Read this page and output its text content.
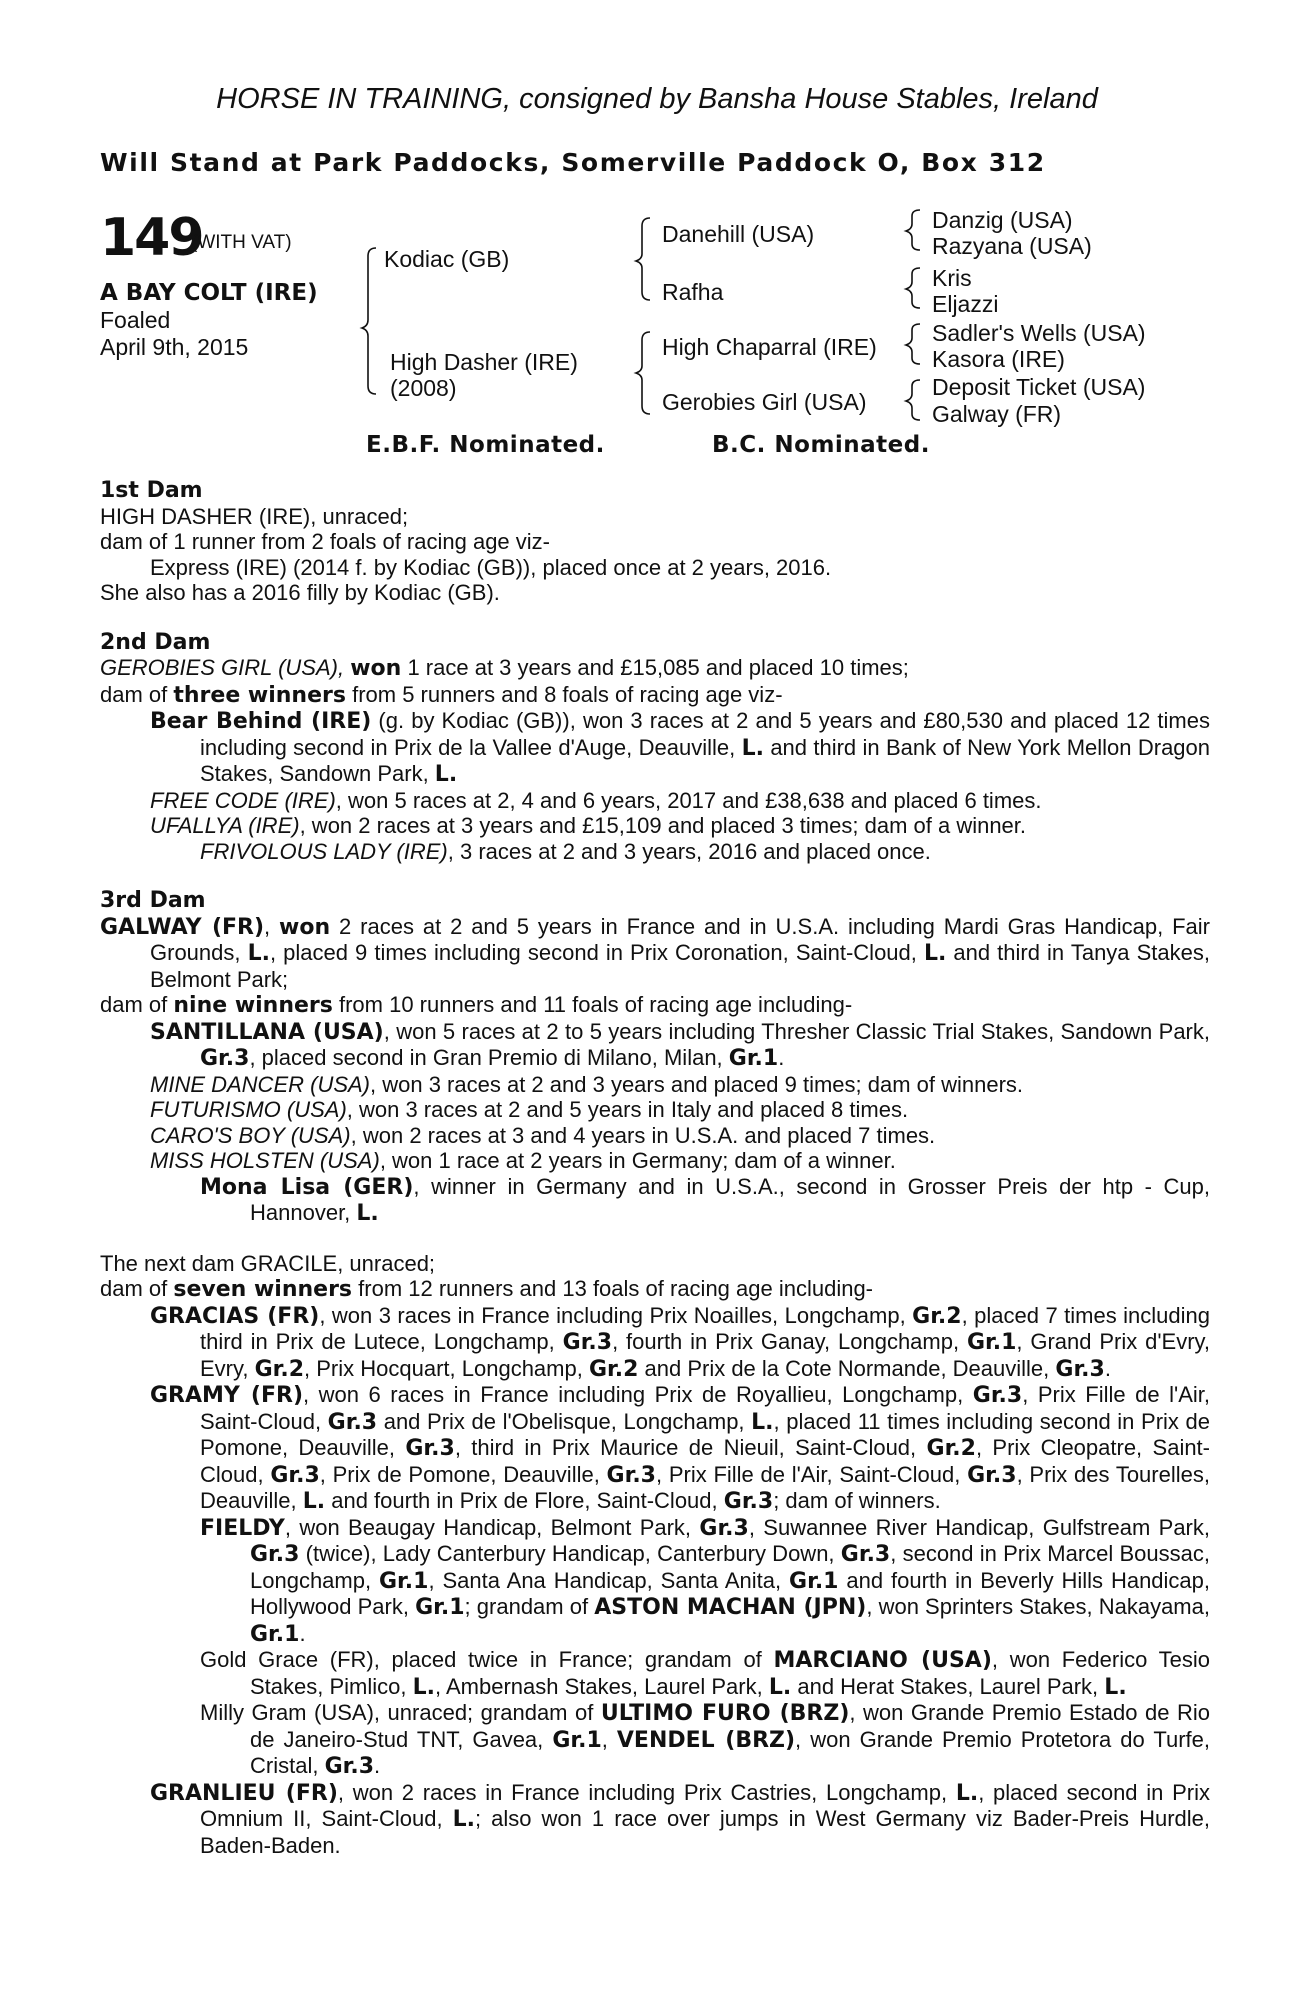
HORSE IN TRAINING, consigned by Bansha House Stables, Ireland
Will Stand at Park Paddocks, Somerville Paddock O, Box 312
149
(WITH VAT)
A BAY COLT (IRE)
Foaled
April 9th, 2015
Kodiac (GB)
High Dasher (IRE)
(2008)
Danehill (USA)
Rafha
High Chaparral (IRE)
Gerobies Girl (USA)
Danzig (USA)
Razyana (USA)
Kris
Eljazzi
Sadler's Wells (USA)
Kasora (IRE)
Deposit Ticket (USA)
Galway (FR)
E.B.F. Nominated.	B.C. Nominated.
1st Dam
HIGH DASHER (IRE), unraced;
dam of 1 runner from 2 foals of racing age viz-
Express (IRE) (2014 f. by Kodiac (GB)), placed once at 2 years, 2016.
She also has a 2016 filly by Kodiac (GB).
2nd Dam
GEROBIES GIRL (USA), won 1 race at 3 years and £15,085 and placed 10 times;
dam of three winners from 5 runners and 8 foals of racing age viz-
Bear Behind (IRE) (g. by Kodiac (GB)), won 3 races at 2 and 5 years and £80,530 and placed 12 times including second in Prix de la Vallee d'Auge, Deauville, L. and third in Bank of New York Mellon Dragon Stakes, Sandown Park, L.
FREE CODE (IRE), won 5 races at 2, 4 and 6 years, 2017 and £38,638 and placed 6 times.
UFALLYA (IRE), won 2 races at 3 years and £15,109 and placed 3 times; dam of a winner.
FRIVOLOUS LADY (IRE), 3 races at 2 and 3 years, 2016 and placed once.
3rd Dam
GALWAY (FR), won 2 races at 2 and 5 years in France and in U.S.A. including Mardi Gras Handicap, Fair Grounds, L., placed 9 times including second in Prix Coronation, Saint-Cloud, L. and third in Tanya Stakes, Belmont Park;
dam of nine winners from 10 runners and 11 foals of racing age including-
SANTILLANA (USA), won 5 races at 2 to 5 years including Thresher Classic Trial Stakes, Sandown Park, Gr.3, placed second in Gran Premio di Milano, Milan, Gr.1.
MINE DANCER (USA), won 3 races at 2 and 3 years and placed 9 times; dam of winners.
FUTURISMO (USA), won 3 races at 2 and 5 years in Italy and placed 8 times.
CARO'S BOY (USA), won 2 races at 3 and 4 years in U.S.A. and placed 7 times.
MISS HOLSTEN (USA), won 1 race at 2 years in Germany; dam of a winner.
Mona Lisa (GER), winner in Germany and in U.S.A., second in Grosser Preis der htp - Cup, Hannover, L.
The next dam GRACILE, unraced;
dam of seven winners from 12 runners and 13 foals of racing age including-
GRACIAS (FR), won 3 races in France including Prix Noailles, Longchamp, Gr.2, placed 7 times including third in Prix de Lutece, Longchamp, Gr.3, fourth in Prix Ganay, Longchamp, Gr.1, Grand Prix d'Evry, Evry, Gr.2, Prix Hocquart, Longchamp, Gr.2 and Prix de la Cote Normande, Deauville, Gr.3.
GRAMY (FR), won 6 races in France including Prix de Royallieu, Longchamp, Gr.3, Prix Fille de l'Air, Saint-Cloud, Gr.3 and Prix de l'Obelisque, Longchamp, L., placed 11 times including second in Prix de Pomone, Deauville, Gr.3, third in Prix Maurice de Nieuil, Saint-Cloud, Gr.2, Prix Cleopatre, Saint-Cloud, Gr.3, Prix de Pomone, Deauville, Gr.3, Prix Fille de l'Air, Saint-Cloud, Gr.3, Prix des Tourelles, Deauville, L. and fourth in Prix de Flore, Saint-Cloud, Gr.3; dam of winners.
FIELDY, won Beaugay Handicap, Belmont Park, Gr.3, Suwannee River Handicap, Gulfstream Park, Gr.3 (twice), Lady Canterbury Handicap, Canterbury Down, Gr.3, second in Prix Marcel Boussac, Longchamp, Gr.1, Santa Ana Handicap, Santa Anita, Gr.1 and fourth in Beverly Hills Handicap, Hollywood Park, Gr.1; grandam of ASTON MACHAN (JPN), won Sprinters Stakes, Nakayama, Gr.1.
Gold Grace (FR), placed twice in France; grandam of MARCIANO (USA), won Federico Tesio Stakes, Pimlico, L., Ambernash Stakes, Laurel Park, L. and Herat Stakes, Laurel Park, L.
Milly Gram (USA), unraced; grandam of ULTIMO FURO (BRZ), won Grande Premio Estado de Rio de Janeiro-Stud TNT, Gavea, Gr.1, VENDEL (BRZ), won Grande Premio Protetora do Turfe, Cristal, Gr.3.
GRANLIEU (FR), won 2 races in France including Prix Castries, Longchamp, L., placed second in Prix Omnium II, Saint-Cloud, L.; also won 1 race over jumps in West Germany viz Bader-Preis Hurdle, Baden-Baden.
